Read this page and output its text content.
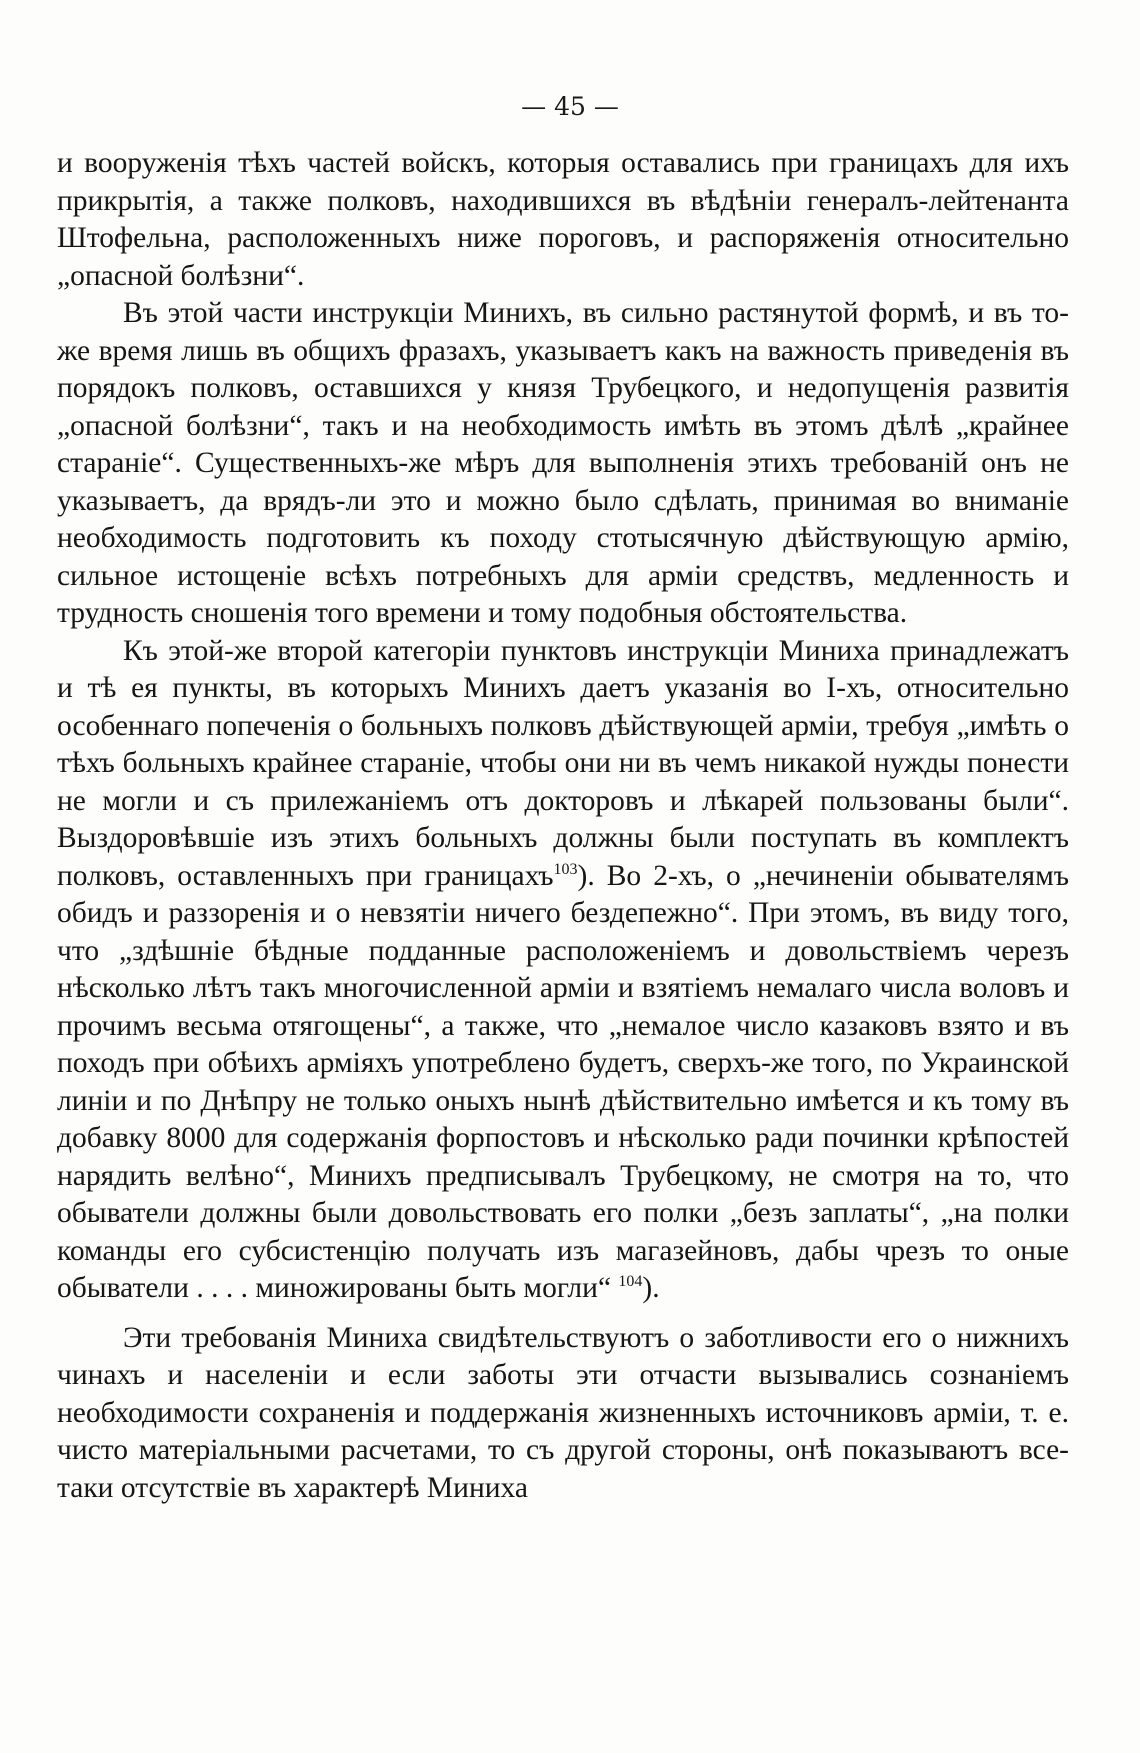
— 45 —

и вооруженія тѣхъ частей войскъ, которыя оставались при границахъ для ихъ прикрытія, а также полковъ, находившихся въ вѣдѣніи генералъ-лейтенанта Штофельна, расположенныхъ ниже пороговъ, и распоряженія относительно „опасной болѣзни“.

Въ этой части инструкціи Минихъ, въ сильно растянутой формѣ, и въ то-же время лишь въ общихъ фразахъ, указываетъ какъ на важность приведенія въ порядокъ полковъ, оставшихся у князя Трубецкого, и недопущенія развитія „опасной болѣзни“, такъ и на необходимость имѣть въ этомъ дѣлѣ „крайнее стараніе“. Существенныхъ-же мѣръ для выполненія этихъ требованій онъ не указываетъ, да врядъ-ли это и можно было сдѣлать, принимая во вниманіе необходимость подготовить къ походу стотысячную дѣйствующую армію, сильное истощеніе всѣхъ потребныхъ для арміи средствъ, медленность и трудность сношенія того времени и тому подобныя обстоятельства.

Къ этой-же второй категоріи пунктовъ инструкціи Миниха принадлежатъ и тѣ ея пункты, въ которыхъ Минихъ даетъ указанія во І-хъ, относительно особеннаго попеченія о больныхъ полковъ дѣйствующей арміи, требуя „имѣть о тѣхъ больныхъ крайнее стараніе, чтобы они ни въ чемъ никакой нужды понести не могли и съ прилежаніемъ отъ докторовъ и лѣкарей пользованы были“. Выздоровѣвшіе изъ этихъ больныхъ должны были поступать въ комплектъ полковъ, оставленныхъ при границахъ$^{103}$). Во 2-хъ, о „нечиненіи обывателямъ обидъ и раззоренія и о невзятіи ничего бездепежно“. При этомъ, въ виду того, что „здѣшніе бѣдные подданные расположеніемъ и довольствіемъ черезъ нѣсколько лѣтъ такъ многочисленной арміи и взятіемъ немалаго числа воловъ и прочимъ весьма отягощены“, а также, что „немалое число казаковъ взято и въ походъ при обѣихъ арміяхъ употреблено будетъ, сверхъ-же того, по Украинской линіи и по Днѣпру не только оныхъ нынѣ дѣйствительно имѣется и къ тому въ добавку 8000 для содержанія форпостовъ и нѣсколько ради починки крѣпостей нарядить велѣно“, Минихъ предписывалъ Трубецкому, не смотря на то, что обыватели должны были довольствовать его полки „безъ заплаты“, „на полки команды его субсистенцію получать изъ магазейновъ, дабы чрезъ то оные обыватели . . . . миножированы быть могли“ $^{104}$).

Эти требованія Миниха свидѣтельствуютъ о заботливости его о нижнихъ чинахъ и населеніи и если заботы эти отчасти вызывались сознаніемъ необходимости сохраненія и поддержанія жизненныхъ источниковъ арміи, т. е. чисто матеріальными расчетами, то съ другой стороны, онѣ показываютъ все-таки отсутствіе въ характерѣ Миниха
